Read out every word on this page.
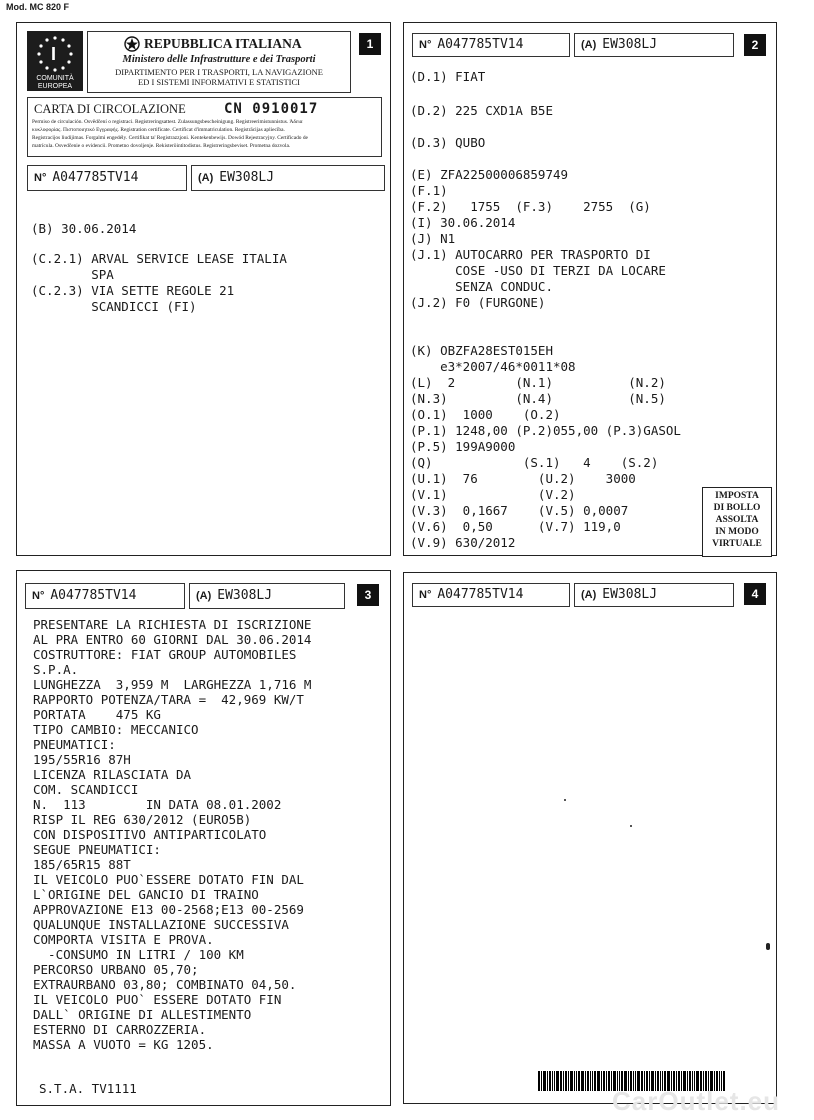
Mod. MC 820 F
1
I
COMUNITÀ
EUROPEA
REPUBBLICA ITALIANA
Ministero delle Infrastrutture e dei Trasporti
DIPARTIMENTO PER I TRASPORTI, LA NAVIGAZIONE
ED I SISTEMI INFORMATIVI E STATISTICI
CARTA DI CIRCOLAZIONE	CN 0910017
Permiso de circulación. Osvědčení o registraci. Registreringsattest. Zulassungsbescheinigung. Registreerimistunnistus. Άδεια
κυκλοφορίας. Πιστοποιητικό Εγγραφής. Registration certificate. Certificat d'immatriculation. Registrācijas apliecība.
Registracijos liudijimas. Forgalmi engedély. Certifikat ta' Registrazzjoni. Kentekenbewijs. Dowód Rejestracyjny. Certificado de
matrícula. Osvedčenie o evidencii. Prometno dovoljenje. Rekisteröintitodistus. Registreringsbeviset. Prometna dozvola.
N° A047785TV14	(A) EW308LJ
(B) 30.06.2014
(C.2.1) ARVAL SERVICE LEASE ITALIA
SPA
(C.2.3) VIA SETTE REGOLE 21
SCANDICCI (FI)
N° A047785TV14	(A) EW308LJ	2
(D.1) FIAT
(D.2) 225 CXD1A B5E
(D.3) QUBO
(E) ZFA22500006859749
(F.1)
(F.2)   1755  (F.3)    2755  (G)
(I) 30.06.2014
(J) N1
(J.1) AUTOCARRO PER TRASPORTO DI
COSE -USO DI TERZI DA LOCARE
SENZA CONDUC.
(J.2) F0 (FURGONE)
(K) OBZFA28EST015EH
e3*2007/46*0011*08
(L)  2        (N.1)          (N.2)
(N.3)         (N.4)          (N.5)
(O.1)  1000    (O.2)
(P.1) 1248,00 (P.2)055,00 (P.3)GASOL
(P.5) 199A9000
(Q)            (S.1)   4    (S.2)
(U.1)  76        (U.2)    3000
(V.1)            (V.2)
(V.3)  0,1667    (V.5) 0,0007
(V.6)  0,50      (V.7) 119,0
(V.9) 630/2012
IMPOSTA
DI BOLLO
ASSOLTA
IN MODO
VIRTUALE
N° A047785TV14	(A) EW308LJ	3
PRESENTARE LA RICHIESTA DI ISCRIZIONE
AL PRA ENTRO 60 GIORNI DAL 30.06.2014
COSTRUTTORE: FIAT GROUP AUTOMOBILES
S.P.A.
LUNGHEZZA  3,959 M  LARGHEZZA 1,716 M
RAPPORTO POTENZA/TARA =  42,969 KW/T
PORTATA    475 KG
TIPO CAMBIO: MECCANICO
PNEUMATICI:
195/55R16 87H
LICENZA RILASCIATA DA
COM. SCANDICCI
N.  113        IN DATA 08.01.2002
RISP IL REG 630/2012 (EURO5B)
CON DISPOSITIVO ANTIPARTICOLATO
SEGUE PNEUMATICI:
185/65R15 88T
IL VEICOLO PUO`ESSERE DOTATO FIN DAL
L`ORIGINE DEL GANCIO DI TRAINO
APPROVAZIONE E13 00-2568;E13 00-2569
QUALUNQUE INSTALLAZIONE SUCCESSIVA
COMPORTA VISITA E PROVA.
-CONSUMO IN LITRI / 100 KM
PERCORSO URBANO 05,70;
EXTRAURBANO 03,80; COMBINATO 04,50.
IL VEICOLO PUO` ESSERE DOTATO FIN
DALL` ORIGINE DI ALLESTIMENTO
ESTERNO DI CARROZZERIA.
MASSA A VUOTO = KG 1205.
S.T.A. TV1111
N° A047785TV14	(A) EW308LJ	4
CarOutlet.eu
